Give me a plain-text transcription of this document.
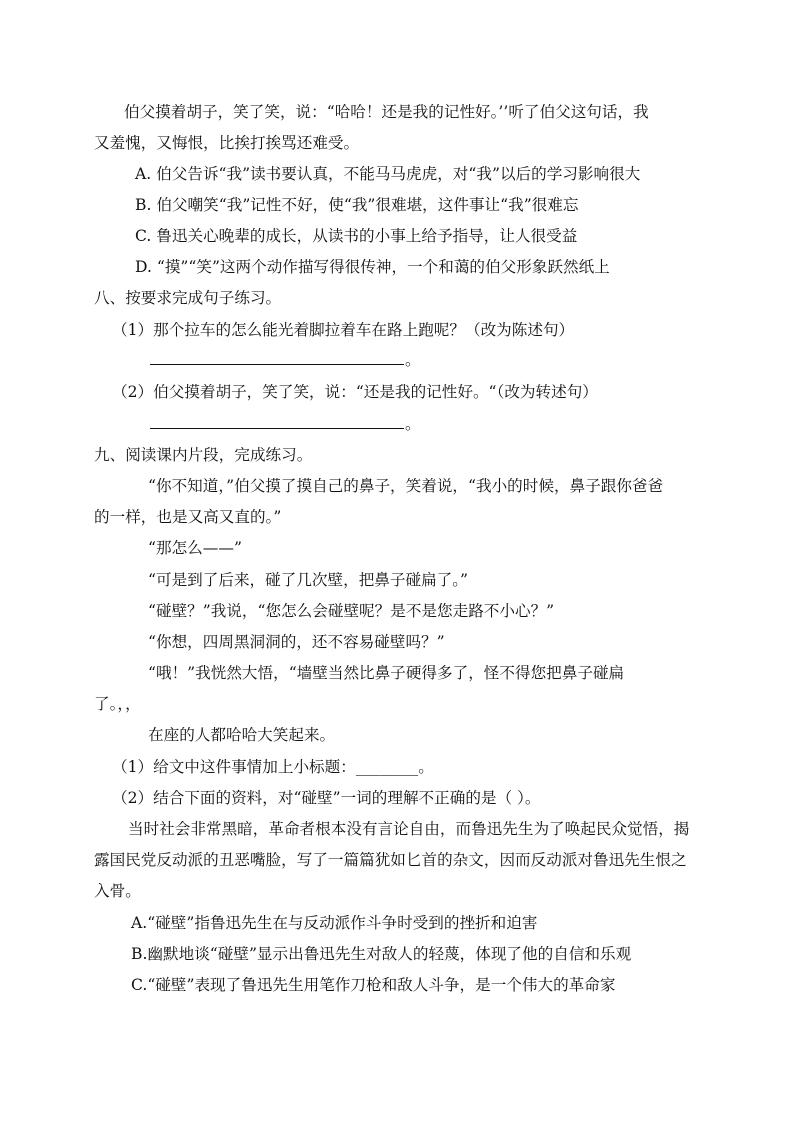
伯父摸着胡子，笑了笑，说：“哈哈！还是我的记性好。’’听了伯父这句话，我
又羞愧，又悔恨，比挨打挨骂还难受。
A. 伯父告诉“我”读书要认真，不能马马虎虎，对“我”以后的学习影响很大
B. 伯父嘲笑“我”记性不好，使“我”很难堪，这件事让“我”很难忘
C. 鲁迅关心晚辈的成长，从读书的小事上给予指导，让人很受益
D. “摸”“笑”这两个动作描写得很传神，一个和蔼的伯父形象跃然纸上
八、按要求完成句子练习。
（1）那个拉车的怎么能光着脚拉着车在路上跑呢？（改为陈述句）
。
（2）伯父摸着胡子，笑了笑，说：“还是我的记性好。“（改为转述句）
。
九、阅读课内片段，完成练习。
“你不知道，”伯父摸了摸自己的鼻子，笑着说，“我小的时候，鼻子跟你爸爸
的一样，也是又高又直的。”
“那怎么——”
“可是到了后来，碰了几次壁，把鼻子碰扁了。”
“碰壁？”我说，“您怎么会碰壁呢？是不是您走路不小心？”
“你想，四周黑洞洞的，还不容易碰壁吗？”
“哦！”我恍然大悟，“墙壁当然比鼻子硬得多了，怪不得您把鼻子碰扁
了。，，
在座的人都哈哈大笑起来。
（1）给文中这件事情加上小标题：________。
（2）结合下面的资料，对“碰壁”一词的理解不正确的是（ ）。
当时社会非常黑暗，革命者根本没有言论自由，而鲁迅先生为了唤起民众觉悟，揭
露国民党反动派的丑恶嘴脸，写了一篇篇犹如匕首的杂文，因而反动派对鲁迅先生恨之
入骨。
A.“碰壁”指鲁迅先生在与反动派作斗争时受到的挫折和迫害
B.幽默地谈“碰壁”显示出鲁迅先生对敌人的轻蔑，体现了他的自信和乐观
C.“碰壁”表现了鲁迅先生用笔作刀枪和敌人斗争，是一个伟大的革命家
